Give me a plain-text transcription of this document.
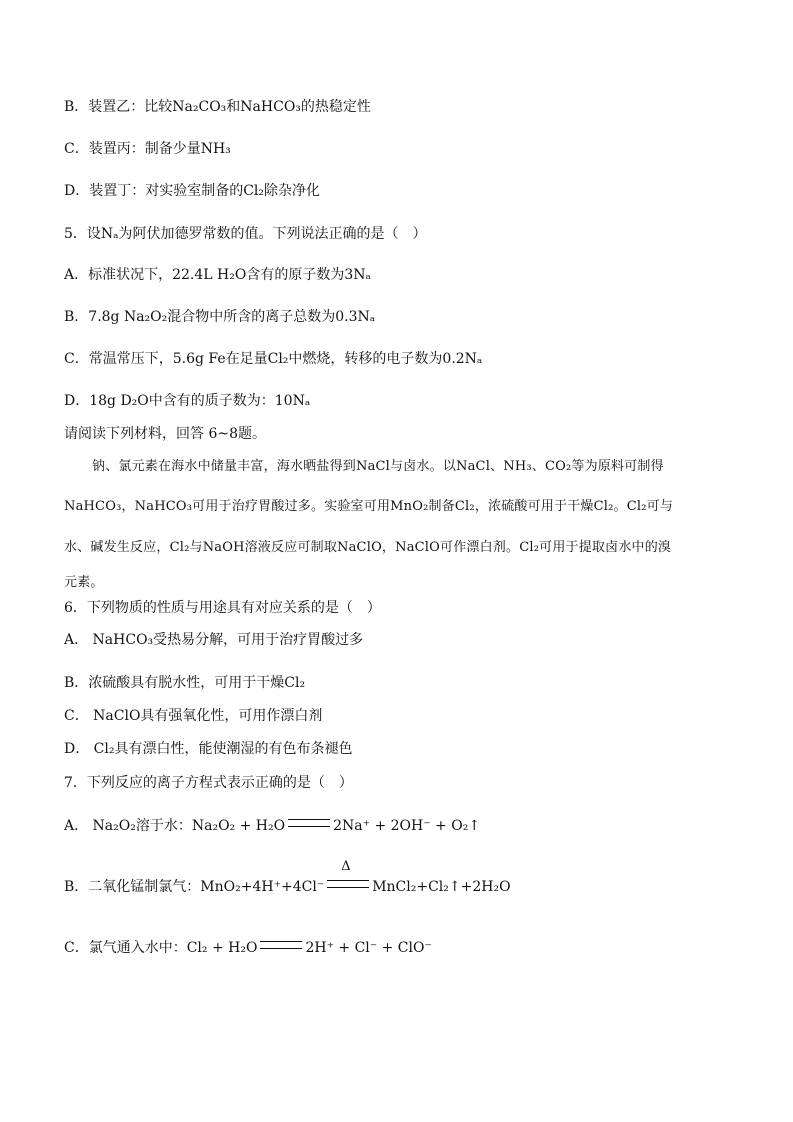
B．装置乙：比较Na₂CO₃和NaHCO₃的热稳定性
C．装置丙：制备少量NH₃
D．装置丁：对实验室制备的Cl₂除杂净化
5．设Nₐ为阿伏加德罗常数的值。下列说法正确的是（　）
A．标准状况下，22.4L H₂O含有的原子数为3Nₐ
B．7.8g Na₂O₂混合物中所含的离子总数为0.3Nₐ
C．常温常压下，5.6g Fe在足量Cl₂中燃烧，转移的电子数为0.2Nₐ
D．18g D₂O中含有的质子数为：10Nₐ
请阅读下列材料，回答 6~8题。
钠、氯元素在海水中储量丰富，海水晒盐得到NaCl与卤水。以NaCl、NH₃、CO₂等为原料可制得
NaHCO₃，NaHCO₃可用于治疗胃酸过多。实验室可用MnO₂制备Cl₂，浓硫酸可用于干燥Cl₂。Cl₂可与
水、碱发生反应，Cl₂与NaOH溶液反应可制取NaClO，NaClO可作漂白剂。Cl₂可用于提取卤水中的溴
元素。
6．下列物质的性质与用途具有对应关系的是（　）
A． NaHCO₃受热易分解，可用于治疗胃酸过多
B．浓硫酸具有脱水性，可用于干燥Cl₂
C． NaClO具有强氧化性，可用作漂白剂
D． Cl₂具有漂白性，能使潮湿的有色布条褪色
7．下列反应的离子方程式表示正确的是（　）
A． Na₂O₂溶于水：Na₂O₂ + H₂O	2Na⁺ + 2OH⁻ + O₂↑
B．二氧化锰制氯气：MnO₂+4H⁺+4Cl⁻
Δ
MnCl₂+Cl₂↑+2H₂O
C．氯气通入水中：Cl₂ + H₂O	2H⁺ + Cl⁻ + ClO⁻
